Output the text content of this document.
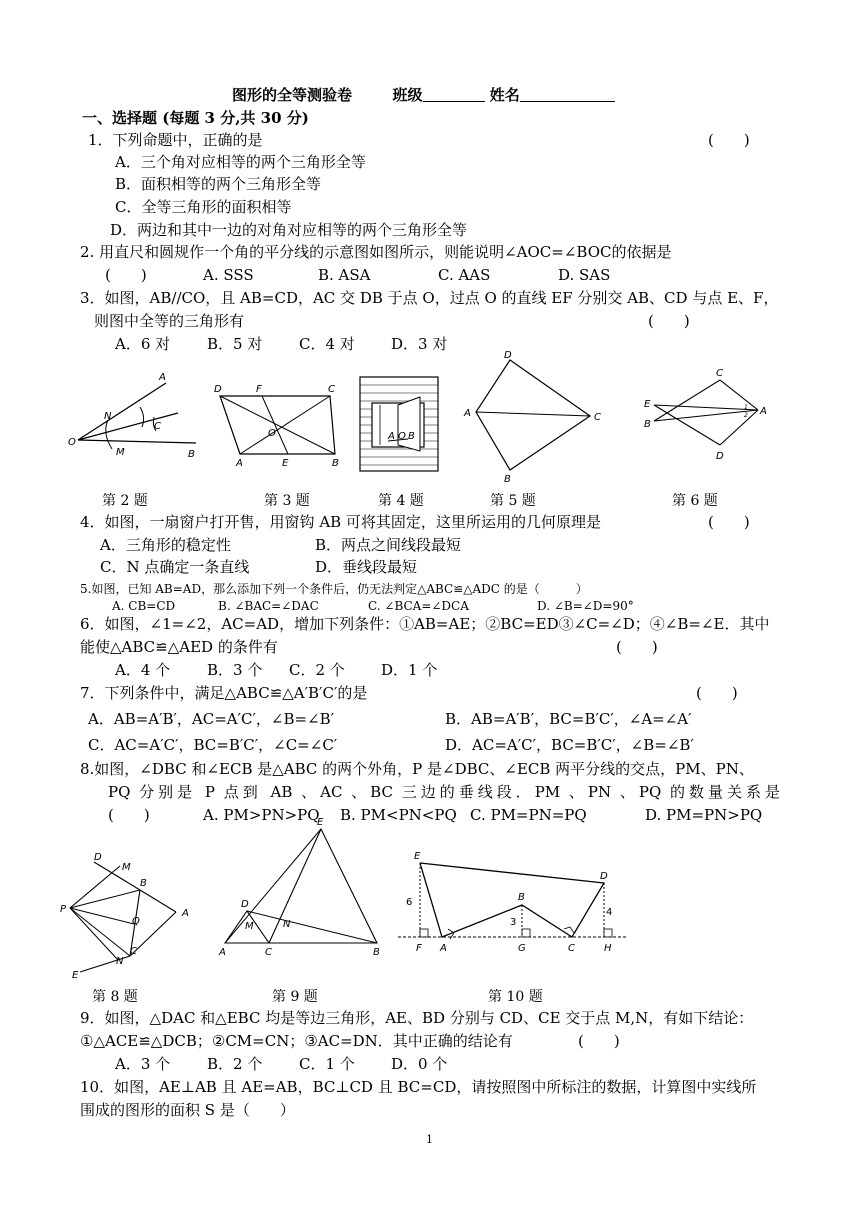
图形的全等测验卷	班级	姓名
一、选择题 (每题 3 分,共 30 分)
1．下列命题中，正确的是	(　　)
A．三个角对应相等的两个三角形全等
B．面积相等的两个三角形全等
C．全等三角形的面积相等
D．两边和其中一边的对角对应相等的两个三角形全等
2. 用直尺和圆规作一个角的平分线的示意图如图所示，则能说明∠AOC=∠BOC的依据是
(　　)	A. SSS	B. ASA	C. AAS	D. SAS
3．如图，AB//CO，且 AB=CD，AC 交 DB 于点 O，过点 O 的直线 EF 分别交 AB、CD 与点 E、F，
则图中全等的三角形有	(　　)
A．6 对 B．5 对 C．4 对 D．3 对
A
N
C
O
M	B
D	F	C
O
A	E	B
A O B
D
A	C
B
C
E
B
A
D
1
2
第 2 题	第 3 题	第 4 题	第 5 题	第 6 题
4．如图，一扇窗户打开售，用窗钩 AB 可将其固定，这里所运用的几何原理是	(　　)
A．三角形的稳定性	B．两点之间线段最短
C．N 点确定一条直线	D．垂线段最短
5.如图，已知 AB=AD，那么添加下列一个条件后，仍无法判定△ABC≌△ADC 的是（　　　）
A. CB=CD	B. ∠BAC=∠DAC	C. ∠BCA=∠DCA	D. ∠B=∠D=90°
6．如图，∠1=∠2，AC=AD，增加下列条件：①AB=AE；②BC=ED③∠C=∠D；④∠B=∠E．其中
能使△ABC≌△AED 的条件有	(　　)
A．4 个 B．3 个 C．2 个 D．1 个
7．下列条件中，满足△ABC≌△A′B′C′的是	(　　)
A．AB=A′B′，AC=A′C′，∠B=∠B′	B．AB=A′B′，BC=B′C′，∠A=∠A′
C．AC=A′C′，BC=B′C′，∠C=∠C′	D．AC=A′C′，BC=B′C′，∠B=∠B′
8.如图，∠DBC 和∠ECB 是△ABC 的两个外角，P 是∠DBC、∠ECB 两平分线的交点，PM、PN、
PQ 分别是 P 点到 AB 、AC 、BC 三边的垂线段．PM 、PN 、PQ 的数量关系是
(　　)	A. PM>PN>PQ B. PM<PN<PQ C. PM=PN=PQ	D. PM=PN>PQ
D
M
B
P
Q
A
N
C
E
E
D
M	N
A	C	B
E
D
B
6
3
4
F A	G	C	H
第 8 题	第 9 题	第 10 题
9．如图，△DAC 和△EBC 均是等边三角形，AE、BD 分别与 CD、CE 交于点 M,N，有如下结论：
①△ACE≌△DCB；②CM=CN；③AC=DN．其中正确的结论有	(　　)
A．3 个 B．2 个 C．1 个 D．0 个
10．如图，AE⊥AB 且 AE=AB，BC⊥CD 且 BC=CD，请按照图中所标注的数据，计算图中实线所
围成的图形的面积 S 是（　　）
1
